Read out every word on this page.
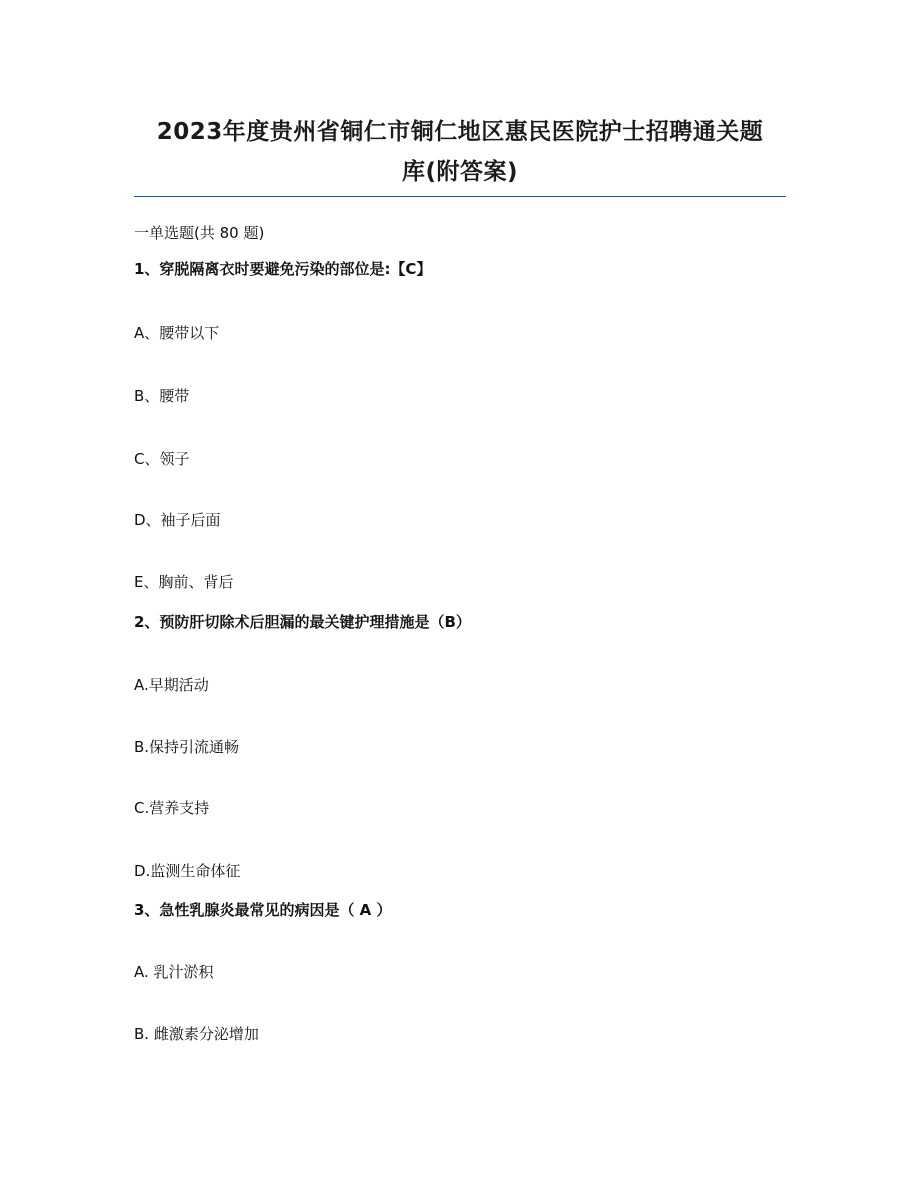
2023年度贵州省铜仁市铜仁地区惠民医院护士招聘通关题
库(附答案)
一单选题(共 80 题)
1、穿脱隔离衣时要避免污染的部位是:【C】
A、腰带以下
B、腰带
C、领子
D、袖子后面
E、胸前、背后
2、预防肝切除术后胆漏的最关键护理措施是（B）
A.早期活动
B.保持引流通畅
C.营养支持
D.监测生命体征
3、急性乳腺炎最常见的病因是（ A ）
A. 乳汁淤积
B. 雌激素分泌增加
